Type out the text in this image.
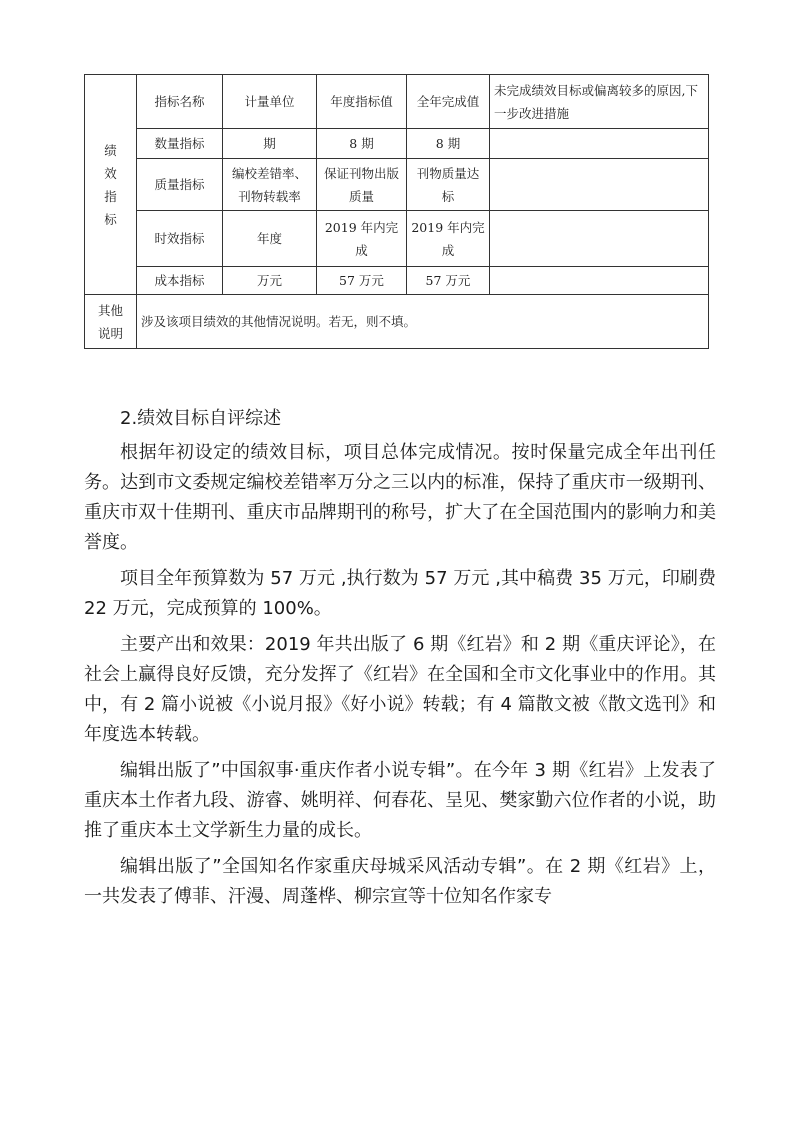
绩
效
指
标	指标名称	计量单位	年度指标值	全年完成值	未完成绩效目标或偏离较多的原因,下一步改进措施
	数量指标	期	8 期	8 期	
	质量指标	编校差错率、刊物转载率	保证刊物出版质量	刊物质量达标	
	时效指标	年度	2019 年内完成	2019 年内完成	
	成本指标	万元	57 万元	57 万元	

其他
说明	涉及该项目绩效的其他情况说明。若无，则不填。				

2.绩效目标自评综述

根据年初设定的绩效目标，项目总体完成情况。按时保量完成全年出刊任务。达到市文委规定编校差错率万分之三以内的标准，保持了重庆市一级期刊、重庆市双十佳期刊、重庆市品牌期刊的称号，扩大了在全国范围内的影响力和美誉度。

项目全年预算数为 57 万元 ,执行数为 57 万元 ,其中稿费 35 万元，印刷费 22 万元，完成预算的 100%。

主要产出和效果：2019 年共出版了 6 期《红岩》和 2 期《重庆评论》，在社会上赢得良好反馈，充分发挥了《红岩》在全国和全市文化事业中的作用。其中，有 2 篇小说被《小说月报》《好小说》转载；有 4 篇散文被《散文选刊》和年度选本转载。

编辑出版了”中国叙事·重庆作者小说专辑”。在今年 3 期《红岩》上发表了重庆本土作者九段、游睿、姚明祥、何春花、呈见、樊家勤六位作者的小说，助推了重庆本土文学新生力量的成长。

编辑出版了”全国知名作家重庆母城采风活动专辑”。在 2 期《红岩》上，一共发表了傅菲、汗漫、周蓬桦、柳宗宣等十位知名作家专
